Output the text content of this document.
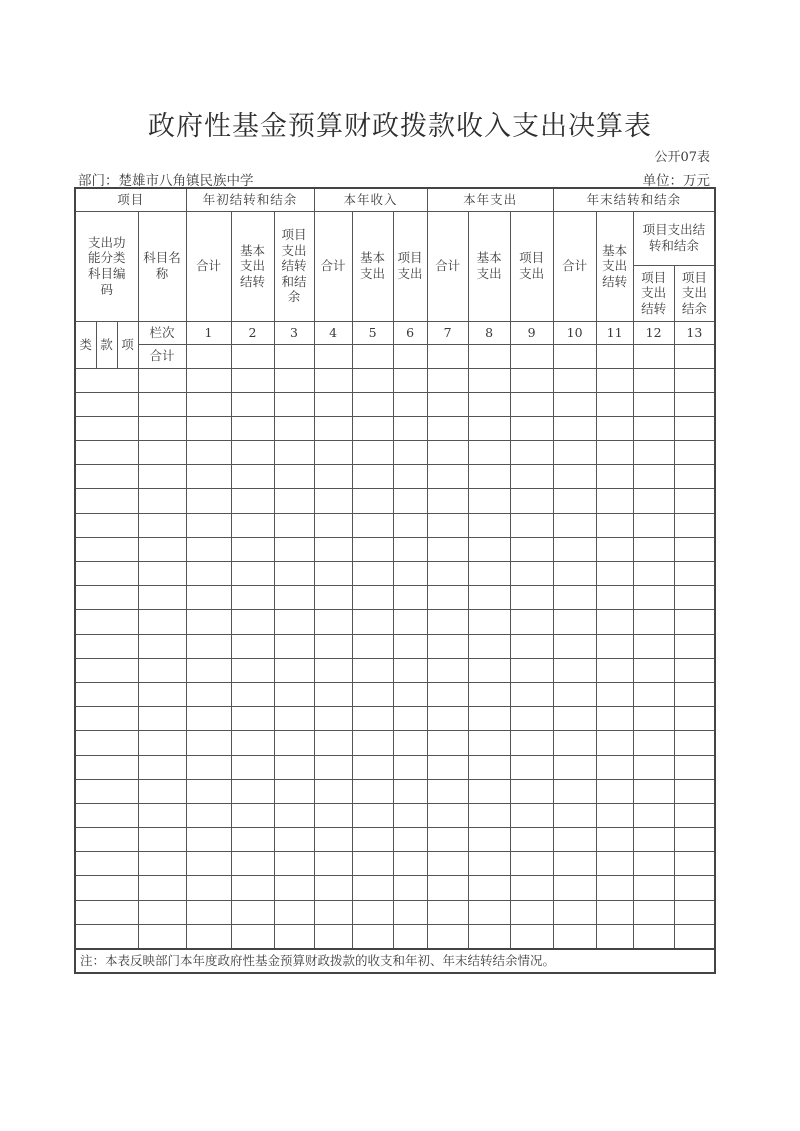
政府性基金预算财政拨款收入支出决算表
公开07表
部门：楚雄市八角镇民族中学	单位：万元
项目				年初结转和结余			本年收入			本年支出			年末结转和结余			
支出功能分类科目编码			科目名称	合计	基本支出结转	项目支出结转和结余	合计	基本支出	项目支出	合计	基本支出	项目支出	合计	基本支出结转	项目支出结转和结余	
															项目支出结转	项目支出结余
类	款	项	栏次	1	2	3	4	5	6	7	8	9	10	11	12	13
			合计													

注：本表反映部门本年度政府性基金预算财政拨款的收支和年初、年末结转结余情况。																
